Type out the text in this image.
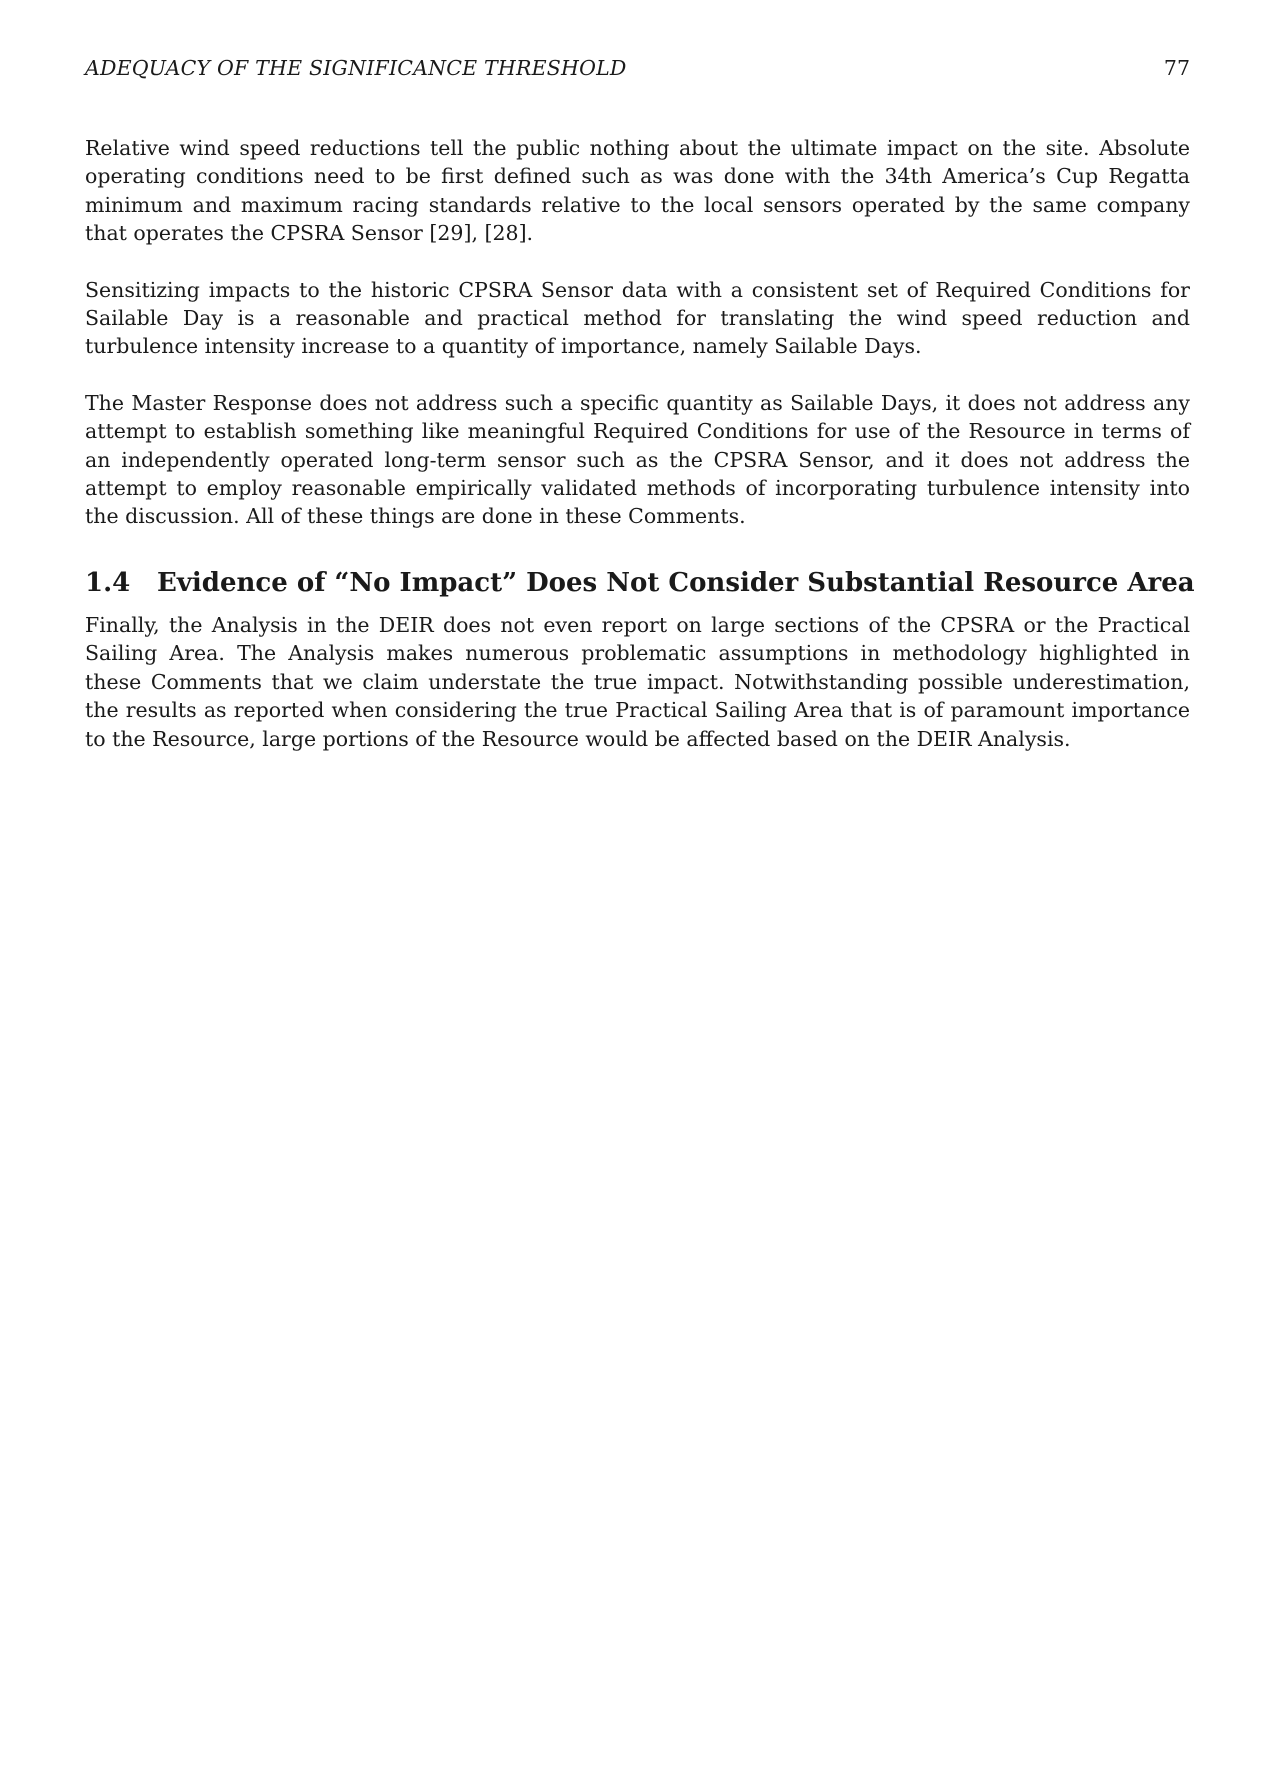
ADEQUACY OF THE SIGNIFICANCE THRESHOLD	77

Relative wind speed reductions tell the public nothing about the ultimate impact on the site. Absolute operating conditions need to be first defined such as was done with the 34th America’s Cup Regatta minimum and maximum racing standards relative to the local sensors operated by the same company that operates the CPSRA Sensor [29], [28].

Sensitizing impacts to the historic CPSRA Sensor data with a consistent set of Required Conditions for Sailable Day is a reasonable and practical method for translating the wind speed reduction and turbulence intensity increase to a quantity of importance, namely Sailable Days.

The Master Response does not address such a specific quantity as Sailable Days, it does not address any attempt to establish something like meaningful Required Conditions for use of the Resource in terms of an independently operated long-term sensor such as the CPSRA Sensor, and it does not address the attempt to employ reasonable empirically validated methods of incorporating turbulence intensity into the discussion. All of these things are done in these Comments.

1.4 Evidence of “No Impact” Does Not Consider Substantial Resource Area

Finally, the Analysis in the DEIR does not even report on large sections of the CPSRA or the Practical Sailing Area. The Analysis makes numerous problematic assumptions in methodology highlighted in these Comments that we claim understate the true impact. Notwithstanding possible underestimation, the results as reported when considering the true Practical Sailing Area that is of paramount importance to the Resource, large portions of the Resource would be affected based on the DEIR Analysis.
